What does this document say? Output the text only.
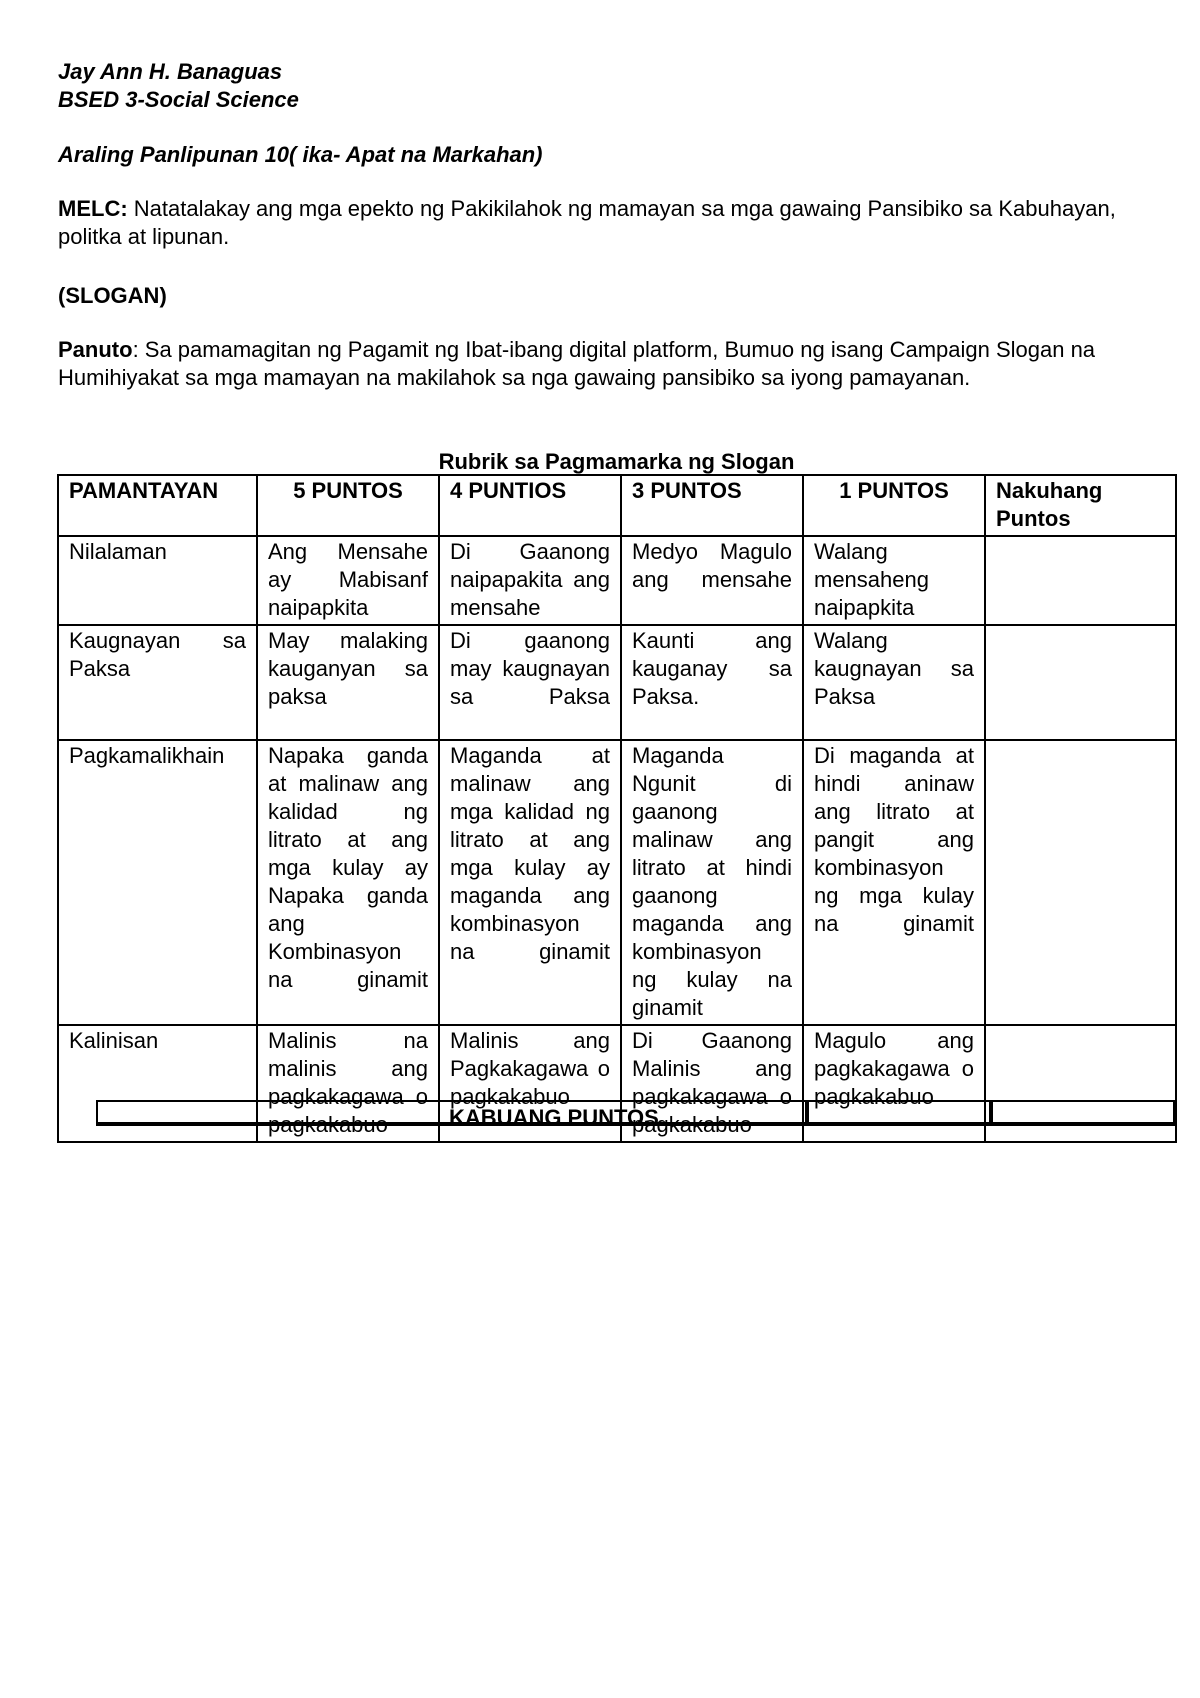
Jay Ann H. Banaguas

BSED 3-Social Science

Araling Panlipunan 10( ika- Apat na Markahan)

MELC: Natatalakay ang mga epekto ng Pakikilahok ng mamayan sa mga gawaing Pansibiko sa Kabuhayan, politka at lipunan.

(SLOGAN)

Panuto: Sa pamamagitan ng Pagamit ng Ibat-ibang digital platform, Bumuo ng isang Campaign Slogan na Humihiyakat sa mga mamayan na makilahok sa nga gawaing pansibiko sa iyong pamayanan.

Rubrik sa Pagmamarka ng Slogan

PAMANTAYAN	5 PUNTOS	4 PUNTIOS	3 PUNTOS	1 PUNTOS	Nakuhang Puntos
Nilalaman	Ang Mensahe ay Mabisanf naipapkita	Di Gaanong naipapakita ang mensahe	Medyo Magulo ang mensahe	Walang mensaheng naipapkita	
Kaugnayan sa Paksa	May malaking kauganyan sa paksa	Di gaanong may kaugnayan sa Paksa	Kaunti ang kauganay sa Paksa.	Walang kaugnayan sa Paksa	
Pagkamalikhain	Napaka ganda at malinaw ang kalidad ng litrato at ang mga kulay ay Napaka ganda ang Kombinasyon na ginamit	Maganda at malinaw ang mga kalidad ng litrato at ang mga kulay ay maganda ang kombinasyon na ginamit	Maganda Ngunit di gaanong malinaw ang litrato at hindi gaanong maganda ang kombinasyon ng kulay na ginamit	Di maganda at hindi aninaw ang litrato at pangit ang kombinasyon ng mga kulay na ginamit	
Kalinisan	Malinis na malinis ang pagkakagawa o pagkakabuo	Malinis ang Pagkakagawa o pagkakabuo	Di Gaanong Malinis ang pagkakagawa o pagkakabuo	Magulo ang pagkakagawa o pagkakabuo	
KABUANG PUNTOS
